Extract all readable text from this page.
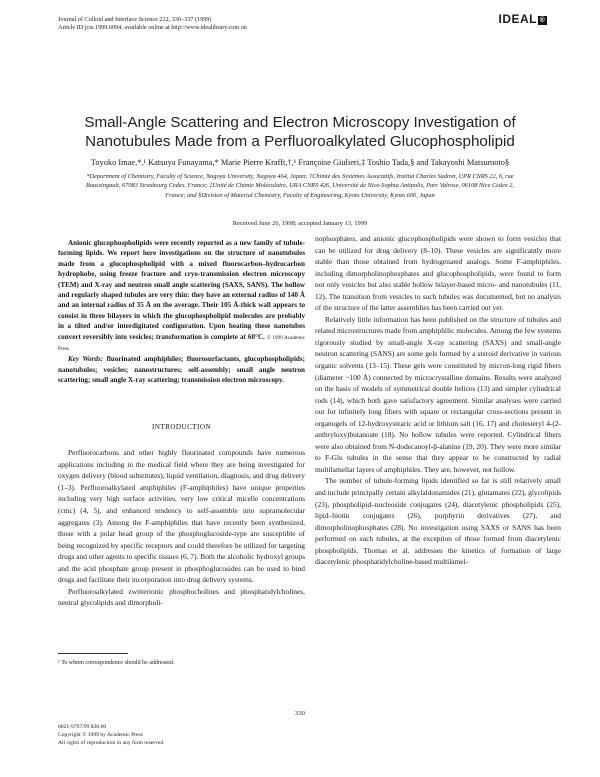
Journal of Colloid and Interface Science 212, 330–337 (1999)
Article ID jcis.1999.6094, available online at http://www.idealibrary.com on
IDEAL ®
Small-Angle Scattering and Electron Microscopy Investigation of Nanotubules Made from a Perfluoroalkylated Glucophospholipid
Toyoko Imae,*,¹ Katsuya Funayama,* Marie Pierre Krafft,†,¹ Françoise Giulieri,‡ Toshio Tada,§ and Takayoshi Matsumoto§
*Department of Chemistry, Faculty of Science, Nagoya University, Nagoya 464, Japan; †Chimie des Systèmes Associatifs, Institut Charles Sadron, UPR CNRS 22, 6, rue Boussingault, 67083 Strasbourg Cedex, France; ‡Unité de Chimie Moléculaire, URA CNRS 426, Université de Nice-Sophia Antipolis, Parc Valrose, 06108 Nice Cedex 2, France; and §Division of Material Chemistry, Faculty of Engineering, Kyoto University, Kyoto 606, Japan
Received June 26, 1998; accepted January 13, 1999

Anionic glucophospholipids were recently reported as a new family of tubule-forming lipids. We report here investigations on the structure of nanotubules made from a glucophospholipid with a mixed fluorocarbon–hydrocarbon hydrophobe, using freeze fracture and cryo-transmission electron microscopy (TEM) and X-ray and neutron small angle scattering (SAXS, SANS). The hollow and regularly shaped tubules are very thin: they have an external radius of 140 Å and an internal radius of 35 Å on the average. Their 105 Å-thick wall appears to consist in three bilayers in which the glucophospholipid molecules are probably in a tilted and/or interdigitated configuration. Upon heating these nanotubes convert reversibly into vesicles; transformation is complete at 60°C. © 1999 Academic Press

Key Words: fluorinated amphiphiles; fluorosurfactants, glucophospholipids; nanotubules; vesicles; nanostructures; self-assembly; small angle neutron scattering; small angle X-ray scattering; transmission electron microscopy.

INTRODUCTION

Perfluorocarbons and other highly fluorinated compounds have numerous applications including in the medical field where they are being investigated for oxygen delivery (blood substitutes), liquid ventilation, diagnosis, and drug delivery (1–3). Perfluoroalkylated amphiphiles (F-amphiphiles) have unique properties including very high surface activities, very low critical micelle concentrations (cmc) (4, 5), and enhanced tendency to self-assemble into supramolecular aggregates (3). Among the F-amphiphiles that have recently been synthesized, those with a polar head group of the phosphoglucoside-type are susceptible of being recognized by specific receptors and could therefore be utilized for targeting drugs and other agents to specific tissues (6, 7). Both the alcoholic hydroxyl groups and the acid phosphate group present in phosphoglucosides can be used to bind drugs and facilitate their incorporation into drug delivery systems.

Perfluoroalkylated zwitterionic phosphocholines and phosphatidylcholines, neutral glycolipids and dimorpholi-

nophosphates, and anionic glucophospholipids were shown to form vesicles that can be utilized for drug delivery (8–10). These vesicles are significantly more stable than those obtained from hydrogenated analogs. Some F-amphiphiles, including dimorpholinophosphates and glucophospholipids, were found to form not only vesicles but also stable hollow bilayer-based micro- and nanotubules (11, 12). The transition from vesicles to such tubules was documented, but no analysis of the structure of the latter assemblies has been carried out yet.

Relatively little information has been published on the structure of tubules and related microstructures made from amphiphilic molecules. Among the few systems rigorously studied by small-angle X-ray scattering (SAXS) and small-angle neutron scattering (SANS) are some gels formed by a steroid derivative in various organic solvents (13–15). These gels were constituted by micron-long rigid fibers (diameter ~100 Å) connected by microcrystalline domains. Results were analyzed on the basis of models of symmetrical double helices (13) and simpler cylindrical rods (14), which both gave satisfactory agreement. Similar analyses were carried out for infinitely long fibers with square or rectangular cross-sections present in organogels of 12-hydroxystearic acid or lithium salt (16, 17) and cholesteryl 4-(2-anthryloxy)butanoate (18). No hollow tubules were reported. Cylindrical fibers were also obtained from N-dodecanoyl-β-alanine (19, 20). They were more similar to F-Glu tubules in the sense that they appear to be constructed by radial multilamellar layers of amphiphiles. They are, however, not hollow.

The number of tubule-forming lipids identified so far is still relatively small and include principally certain alkylaldonamides (21), glutamates (22), glycolipids (23), phospholipid–nucleoside conjugates (24), diacetylenic phospholipids (25), lipid–biotin conjugates (26), porphyrin derivatives (27), and dimorpholinophosphates (28). No investigation using SAXS or SANS has been performed on such tubules, at the exception of those formed from diacetylenic phospholipids. Thomas et al. addresses the kinetics of formation of large diacetylenic phosphatidylcholine-based multilamel-

¹ To whom correspondence should be addressed.
330
0021-9797/99 $30.00
Copyright © 1999 by Academic Press
All rights of reproduction in any form reserved.
